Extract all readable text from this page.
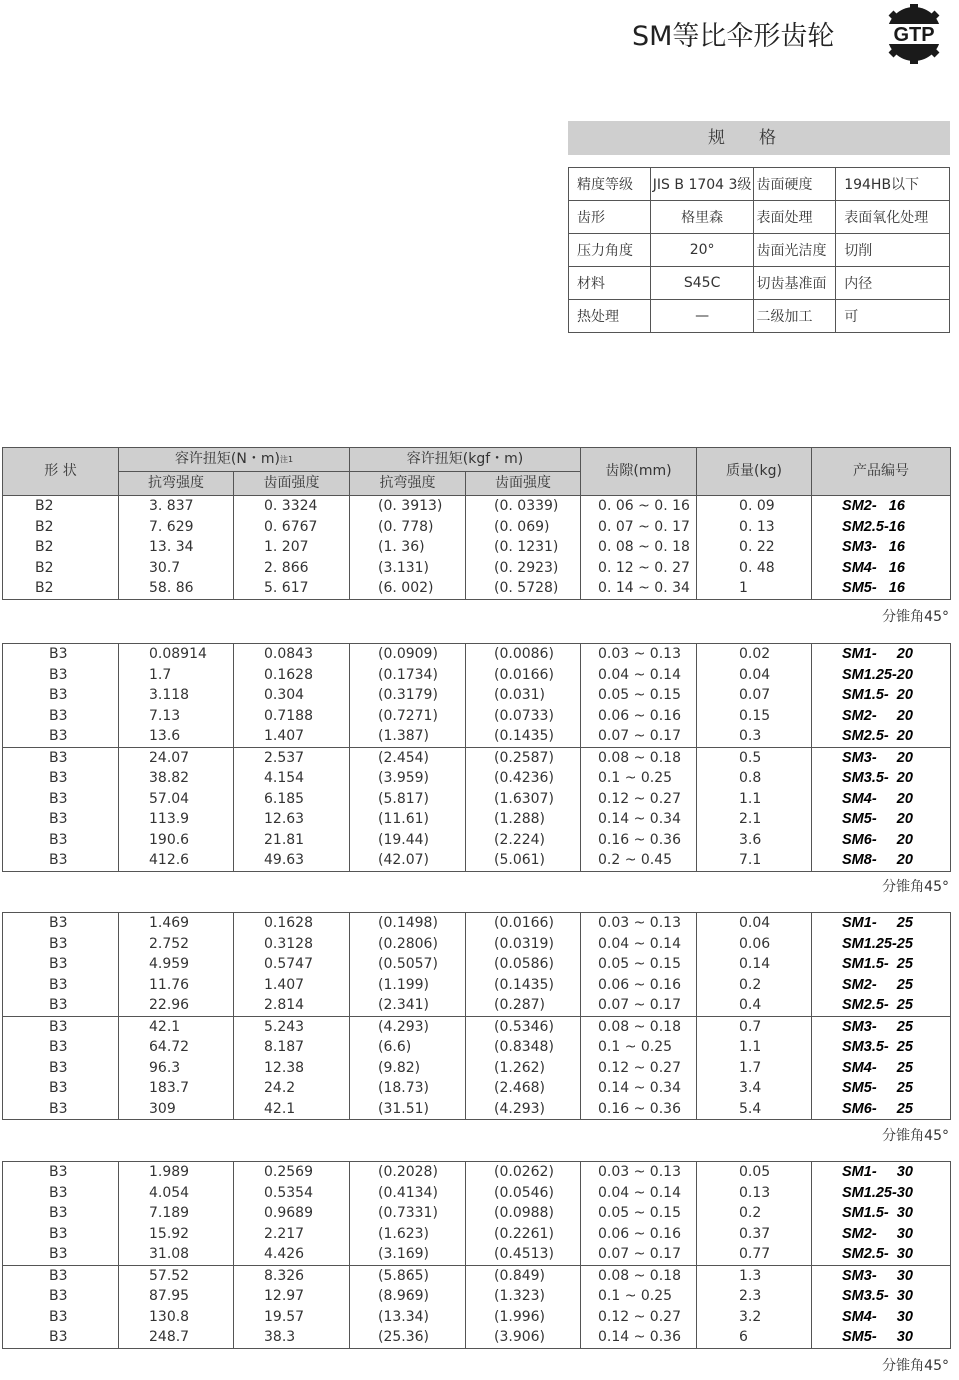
SM等比伞形齿轮	GTP
规格
精度等级	JIS B 1704 3级	齿面硬度	194HB以下
齿形	格里森	表面处理	表面氧化处理
压力角度	20°	齿面光洁度	切削
材料	S45C	切齿基准面	内径
热处理	—	二级加工	可
形 状	容许扭矩(N・m)$^{注1}$		容许扭矩(kgf・m)		齿隙(mm)	质量(kg)	产品编号
	抗弯强度	齿面强度	抗弯强度	齿面强度			
B2	3. 837	0. 3324	(0. 3913)	(0. 0339)	0. 06 ~ 0. 16	0. 09	SM2-   16
B2	7. 629	0. 6767	(0. 778)	(0. 069)	0. 07 ~ 0. 17	0. 13	SM2.5-16
B2	13. 34	1. 207	(1. 36)	(0. 1231)	0. 08 ~ 0. 18	0. 22	SM3-   16
B2	30.7	2. 866	(3.131)	(0. 2923)	0. 12 ~ 0. 27	0. 48	SM4-   16
B2	58. 86	5. 617	(6. 002)	(0. 5728)	0. 14 ~ 0. 34	1	SM5-   16
分锥角45°
B3	0.08914	0.0843	(0.0909)	(0.0086)	0.03 ~ 0.13	0.02	SM1-     20
B3	1.7	0.1628	(0.1734)	(0.0166)	0.04 ~ 0.14	0.04	SM1.25-20
B3	3.118	0.304	(0.3179)	(0.031)	0.05 ~ 0.15	0.07	SM1.5-  20
B3	7.13	0.7188	(0.7271)	(0.0733)	0.06 ~ 0.16	0.15	SM2-     20
B3	13.6	1.407	(1.387)	(0.1435)	0.07 ~ 0.17	0.3	SM2.5-  20
B3	24.07	2.537	(2.454)	(0.2587)	0.08 ~ 0.18	0.5	SM3-     20
B3	38.82	4.154	(3.959)	(0.4236)	0.1 ~ 0.25	0.8	SM3.5-  20
B3	57.04	6.185	(5.817)	(1.6307)	0.12 ~ 0.27	1.1	SM4-     20
B3	113.9	12.63	(11.61)	(1.288)	0.14 ~ 0.34	2.1	SM5-     20
B3	190.6	21.81	(19.44)	(2.224)	0.16 ~ 0.36	3.6	SM6-     20
B3	412.6	49.63	(42.07)	(5.061)	0.2 ~ 0.45	7.1	SM8-     20
分锥角45°
B3	1.469	0.1628	(0.1498)	(0.0166)	0.03 ~ 0.13	0.04	SM1-     25
B3	2.752	0.3128	(0.2806)	(0.0319)	0.04 ~ 0.14	0.06	SM1.25-25
B3	4.959	0.5747	(0.5057)	(0.0586)	0.05 ~ 0.15	0.14	SM1.5-  25
B3	11.76	1.407	(1.199)	(0.1435)	0.06 ~ 0.16	0.2	SM2-     25
B3	22.96	2.814	(2.341)	(0.287)	0.07 ~ 0.17	0.4	SM2.5-  25
B3	42.1	5.243	(4.293)	(0.5346)	0.08 ~ 0.18	0.7	SM3-     25
B3	64.72	8.187	(6.6)	(0.8348)	0.1 ~ 0.25	1.1	SM3.5-  25
B3	96.3	12.38	(9.82)	(1.262)	0.12 ~ 0.27	1.7	SM4-     25
B3	183.7	24.2	(18.73)	(2.468)	0.14 ~ 0.34	3.4	SM5-     25
B3	309	42.1	(31.51)	(4.293)	0.16 ~ 0.36	5.4	SM6-     25
分锥角45°
B3	1.989	0.2569	(0.2028)	(0.0262)	0.03 ~ 0.13	0.05	SM1-     30
B3	4.054	0.5354	(0.4134)	(0.0546)	0.04 ~ 0.14	0.13	SM1.25-30
B3	7.189	0.9689	(0.7331)	(0.0988)	0.05 ~ 0.15	0.2	SM1.5-  30
B3	15.92	2.217	(1.623)	(0.2261)	0.06 ~ 0.16	0.37	SM2-     30
B3	31.08	4.426	(3.169)	(0.4513)	0.07 ~ 0.17	0.77	SM2.5-  30
B3	57.52	8.326	(5.865)	(0.849)	0.08 ~ 0.18	1.3	SM3-     30
B3	87.95	12.97	(8.969)	(1.323)	0.1 ~ 0.25	2.3	SM3.5-  30
B3	130.8	19.57	(13.34)	(1.996)	0.12 ~ 0.27	3.2	SM4-     30
B3	248.7	38.3	(25.36)	(3.906)	0.14 ~ 0.36	6	SM5-     30
分锥角45°
